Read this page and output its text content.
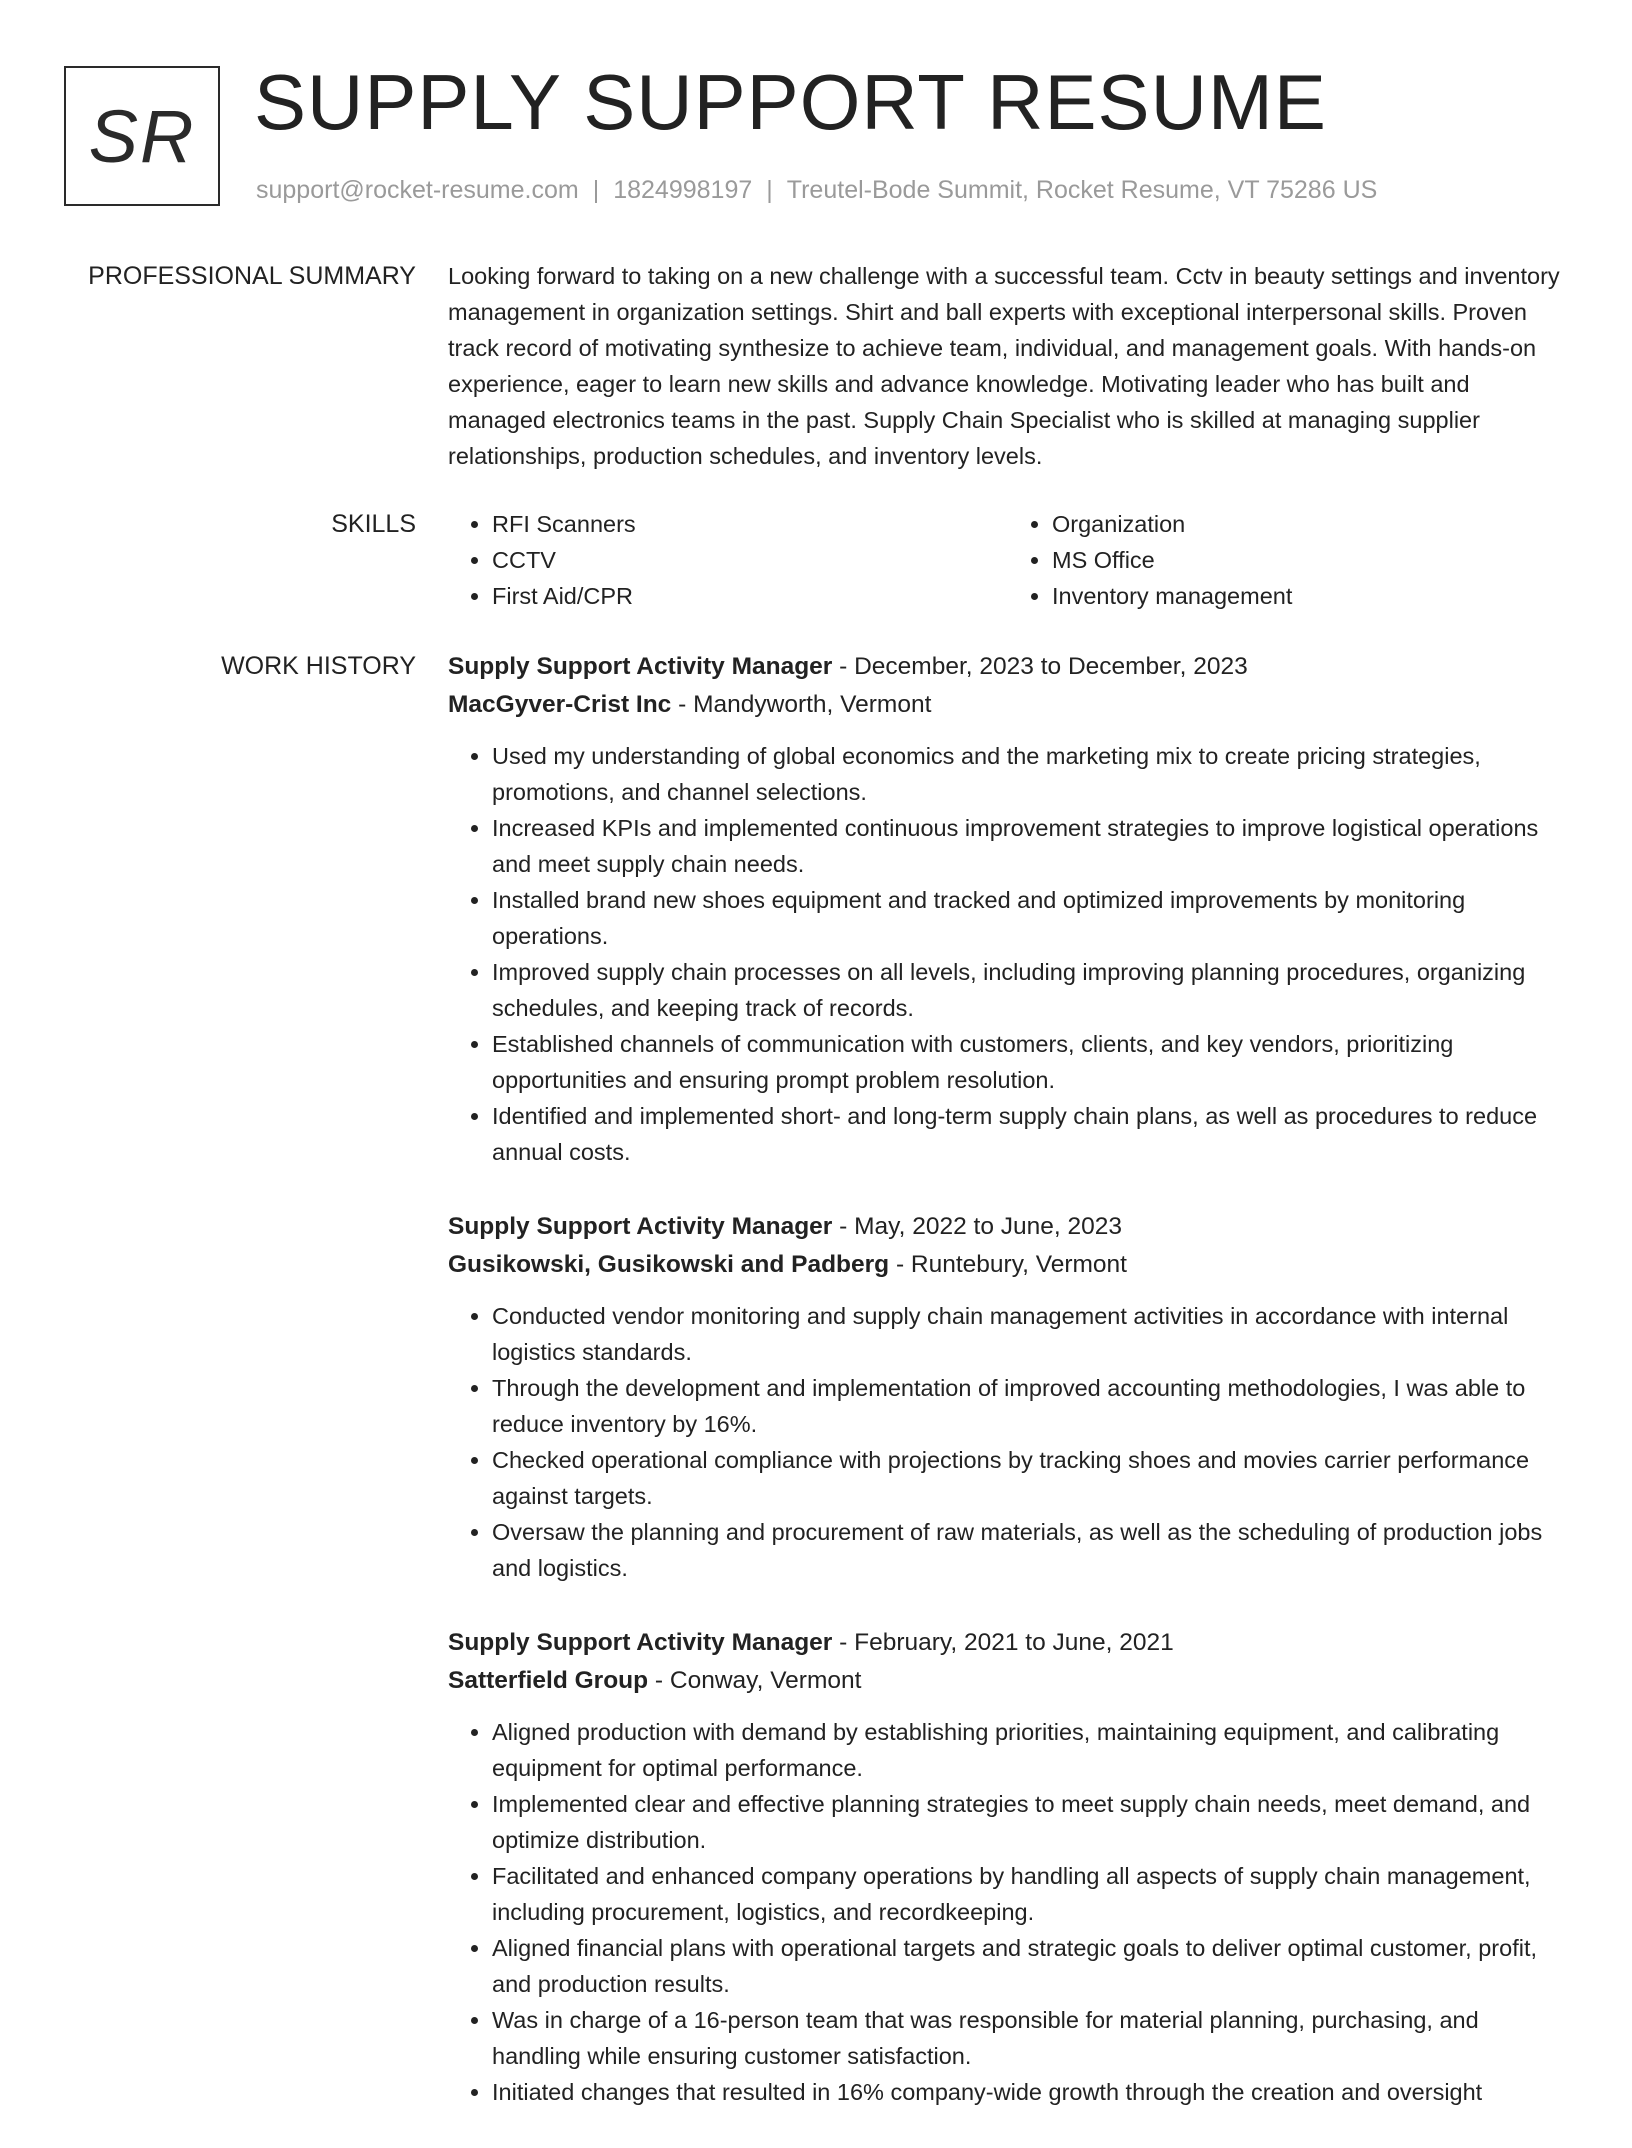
SR SUPPLY SUPPORT RESUME
support@rocket-resume.com | 1824998197 | Treutel-Bode Summit, Rocket Resume, VT 75286 US
PROFESSIONAL SUMMARY Looking forward to taking on a new challenge with a successful team. Cctv in beauty settings and inventory management in organization settings. Shirt and ball experts with exceptional interpersonal skills. Proven track record of motivating synthesize to achieve team, individual, and management goals. With hands-on experience, eager to learn new skills and advance knowledge. Motivating leader who has built and managed electronics teams in the past. Supply Chain Specialist who is skilled at managing supplier relationships, production schedules, and inventory levels.

SKILLS
•	RFI Scanners
• CCTV
• First Aid/CPR
• Organization
• MS Office
• Inventory management
WORK HISTORY Supply Support Activity Manager - December, 2023 to December, 2023
MacGyver-Crist Inc - Mandyworth, Vermont
• Used my understanding of global economics and the marketing mix to create pricing strategies, promotions, and channel selections.
• Increased KPIs and implemented continuous improvement strategies to improve logistical operations and meet supply chain needs.
• Installed brand new shoes equipment and tracked and optimized improvements by monitoring operations.
• Improved supply chain processes on all levels, including improving planning procedures, organizing schedules, and keeping track of records.
• Established channels of communication with customers, clients, and key vendors, prioritizing opportunities and ensuring prompt problem resolution.
• Identified and implemented short- and long-term supply chain plans, as well as procedures to reduce annual costs.
Supply Support Activity Manager - May, 2022 to June, 2023
Gusikowski, Gusikowski and Padberg - Runtebury, Vermont
• Conducted vendor monitoring and supply chain management activities in accordance with internal logistics standards.
• Through the development and implementation of improved accounting methodologies, I was able to reduce inventory by 16%.
• Checked operational compliance with projections by tracking shoes and movies carrier performance against targets.
• Oversaw the planning and procurement of raw materials, as well as the scheduling of production jobs and logistics.
Supply Support Activity Manager - February, 2021 to June, 2021
Satterfield Group - Conway, Vermont
• Aligned production with demand by establishing priorities, maintaining equipment, and calibrating equipment for optimal performance.
• Implemented clear and effective planning strategies to meet supply chain needs, meet demand, and optimize distribution.
• Facilitated and enhanced company operations by handling all aspects of supply chain management, including procurement, logistics, and recordkeeping.
• Aligned financial plans with operational targets and strategic goals to deliver optimal customer, profit, and production results.
• Was in charge of a 16-person team that was responsible for material planning, purchasing, and handling while ensuring customer satisfaction.
• Initiated changes that resulted in 16% company-wide growth through the creation and oversight
